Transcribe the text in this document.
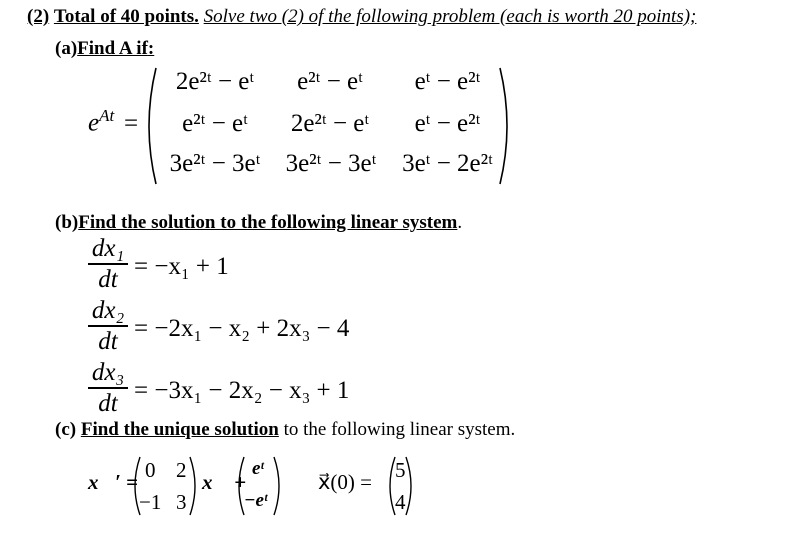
(2) Total of 40 points. Solve two (2) of the following problem (each is worth 20 points);
(a)Find A if:
$e^{At}$ =
2e²ᵗ − eᵗ	e²ᵗ − eᵗ	eᵗ − e²ᵗ
e²ᵗ − eᵗ	2e²ᵗ − eᵗ	eᵗ − e²ᵗ
3e²ᵗ − 3eᵗ	3e²ᵗ − 3eᵗ	3eᵗ − 2e²ᵗ
(b)Find the solution to the following linear system.
dx₁
dt = −x₁ + 1
dx₂
dt = −2x₁ − x₂ + 2x₃ − 4
dx₃
dt = −3x₁ − 2x₂ − x₃ + 1
(c) Find the unique solution to the following linear system.
x⃗′ = 0 2
−1 3
x⃗ +
eᵗ
−eᵗ
x⃗(0) = 5
4
